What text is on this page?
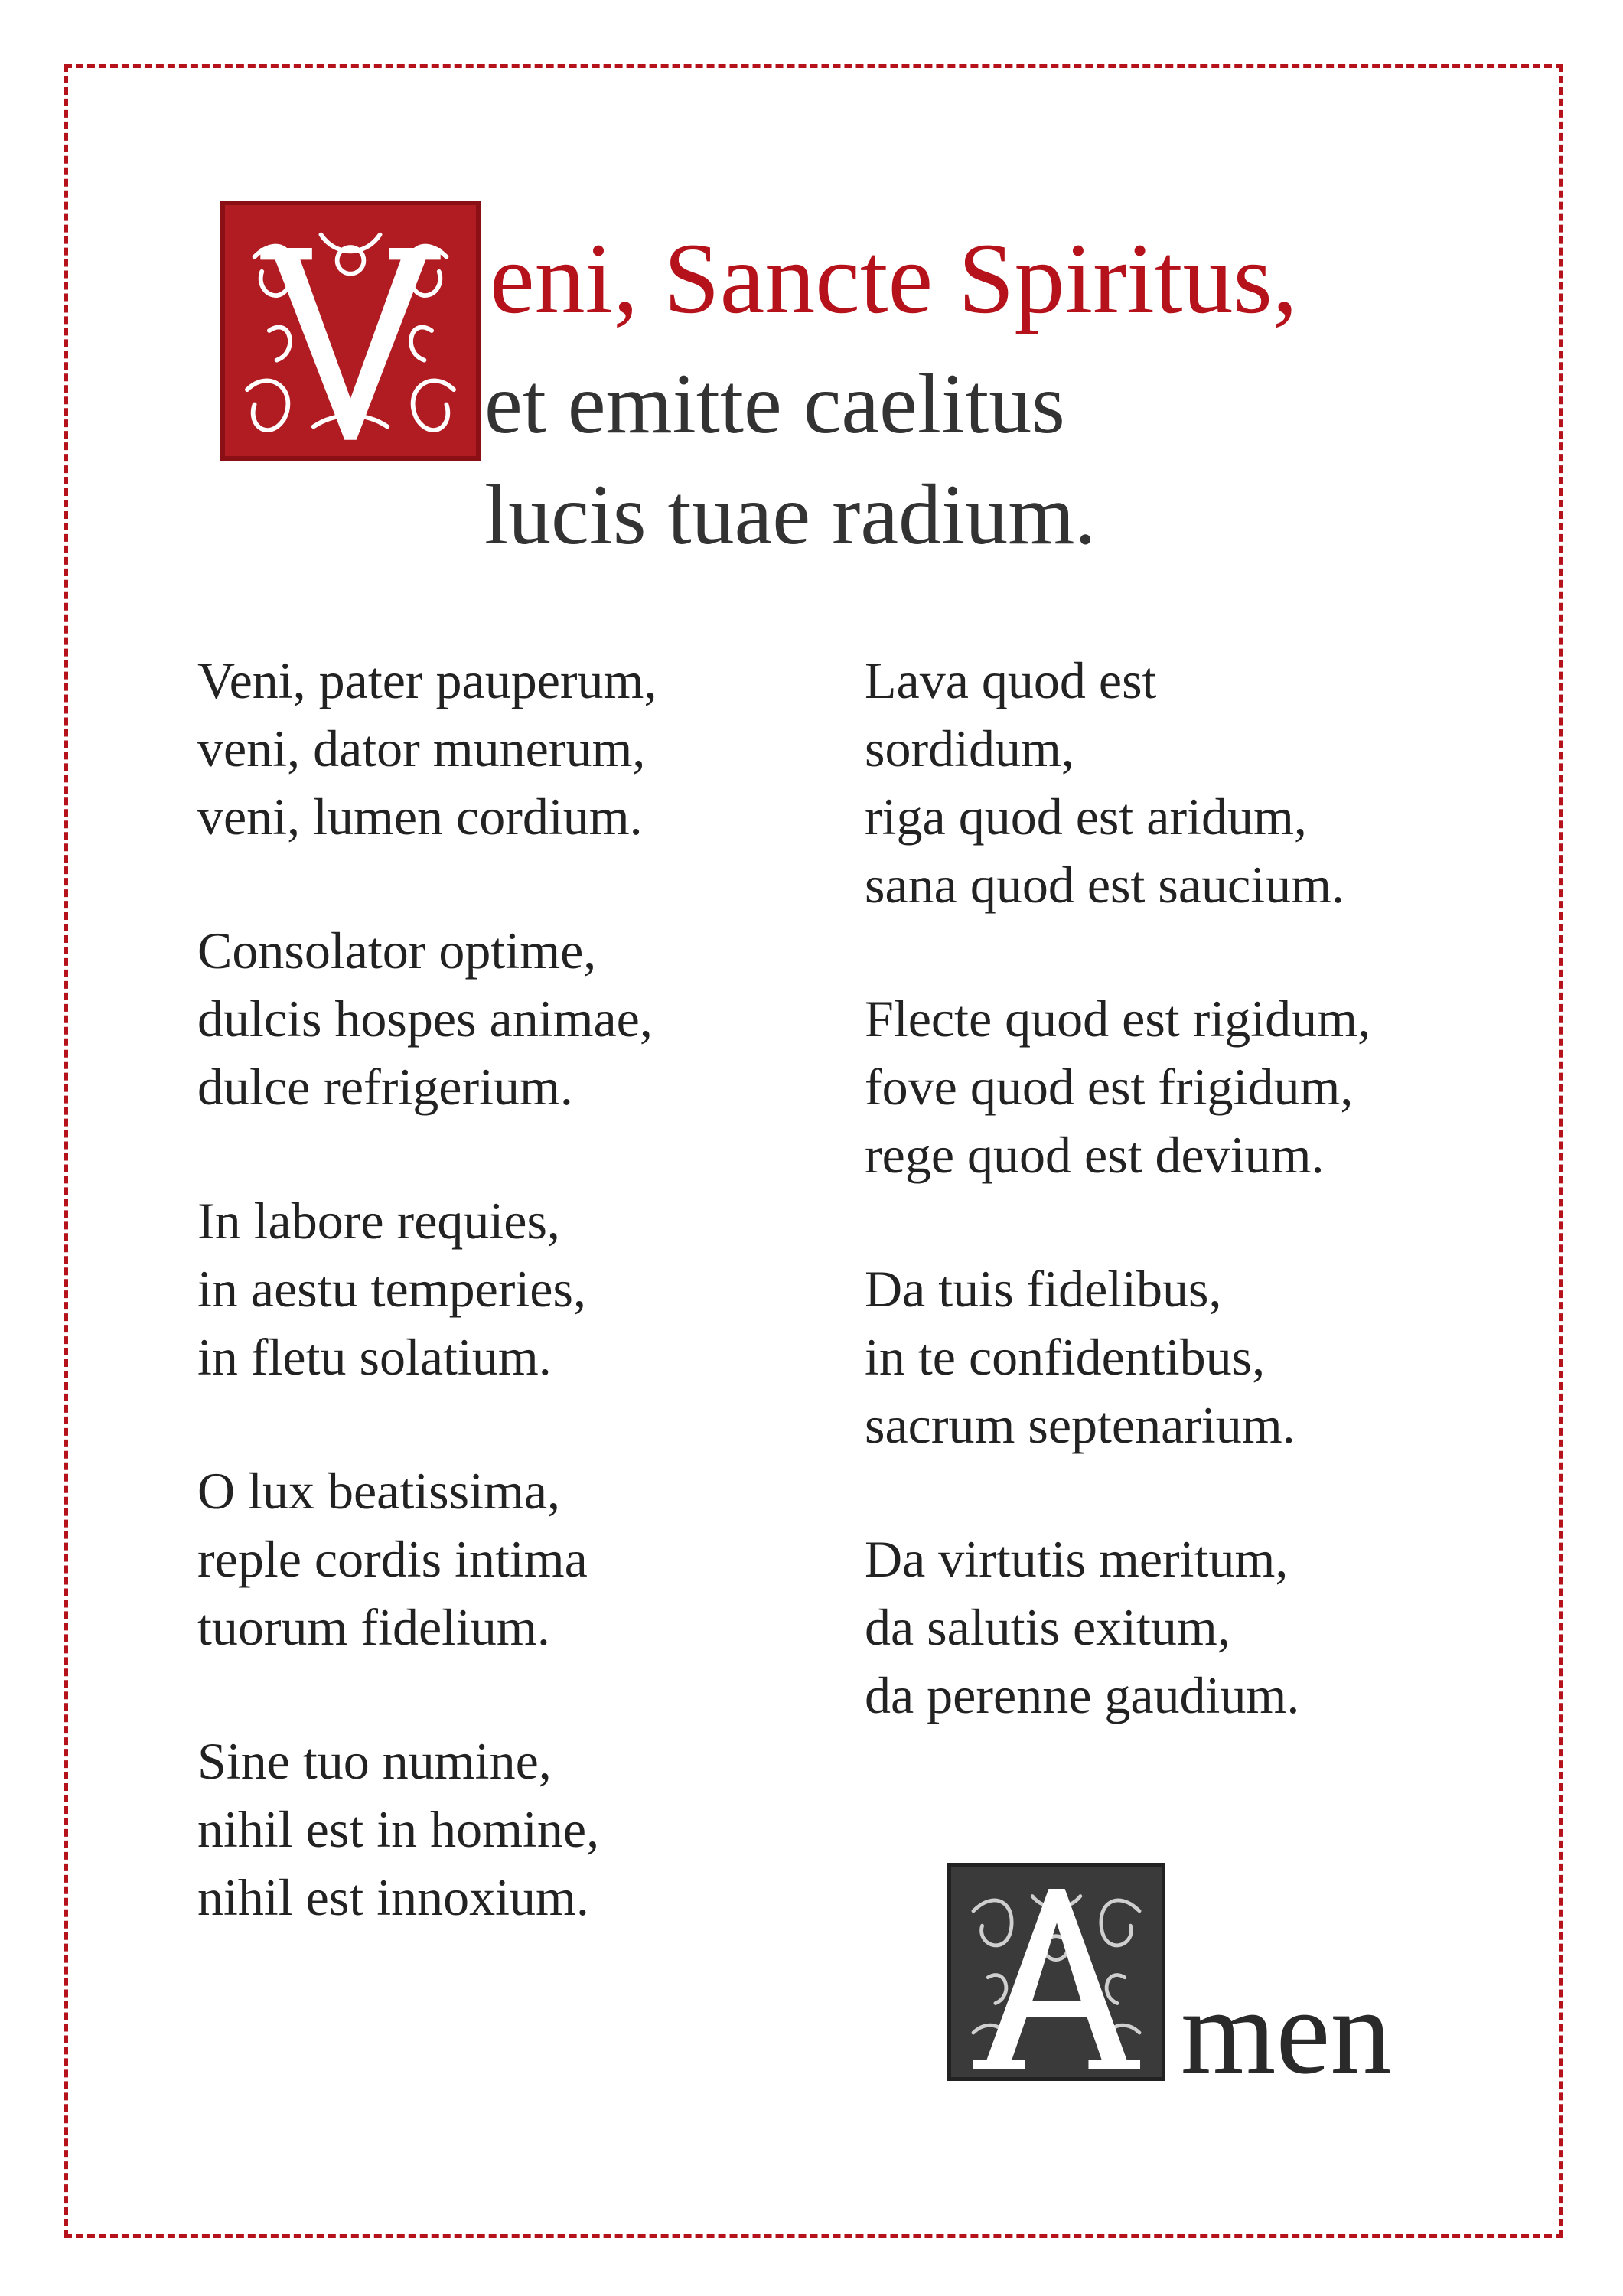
eni, Sancte Spiritus,
et emitte caelitus
lucis tuae radium.
Veni, pater pauperum,
veni, dator munerum,
veni, lumen cordium.
Consolator optime,
dulcis hospes animae,
dulce refrigerium.
In labore requies,
in aestu temperies,
in fletu solatium.
O lux beatissima,
reple cordis intima
tuorum fidelium.
Sine tuo numine,
nihil est in homine,
nihil est innoxium.
Lava quod est
sordidum,
riga quod est aridum,
sana quod est saucium.
Flecte quod est rigidum,
fove quod est frigidum,
rege quod est devium.
Da tuis fidelibus,
in te confidentibus,
sacrum septenarium.
Da virtutis meritum,
da salutis exitum,
da perenne gaudium.
men
